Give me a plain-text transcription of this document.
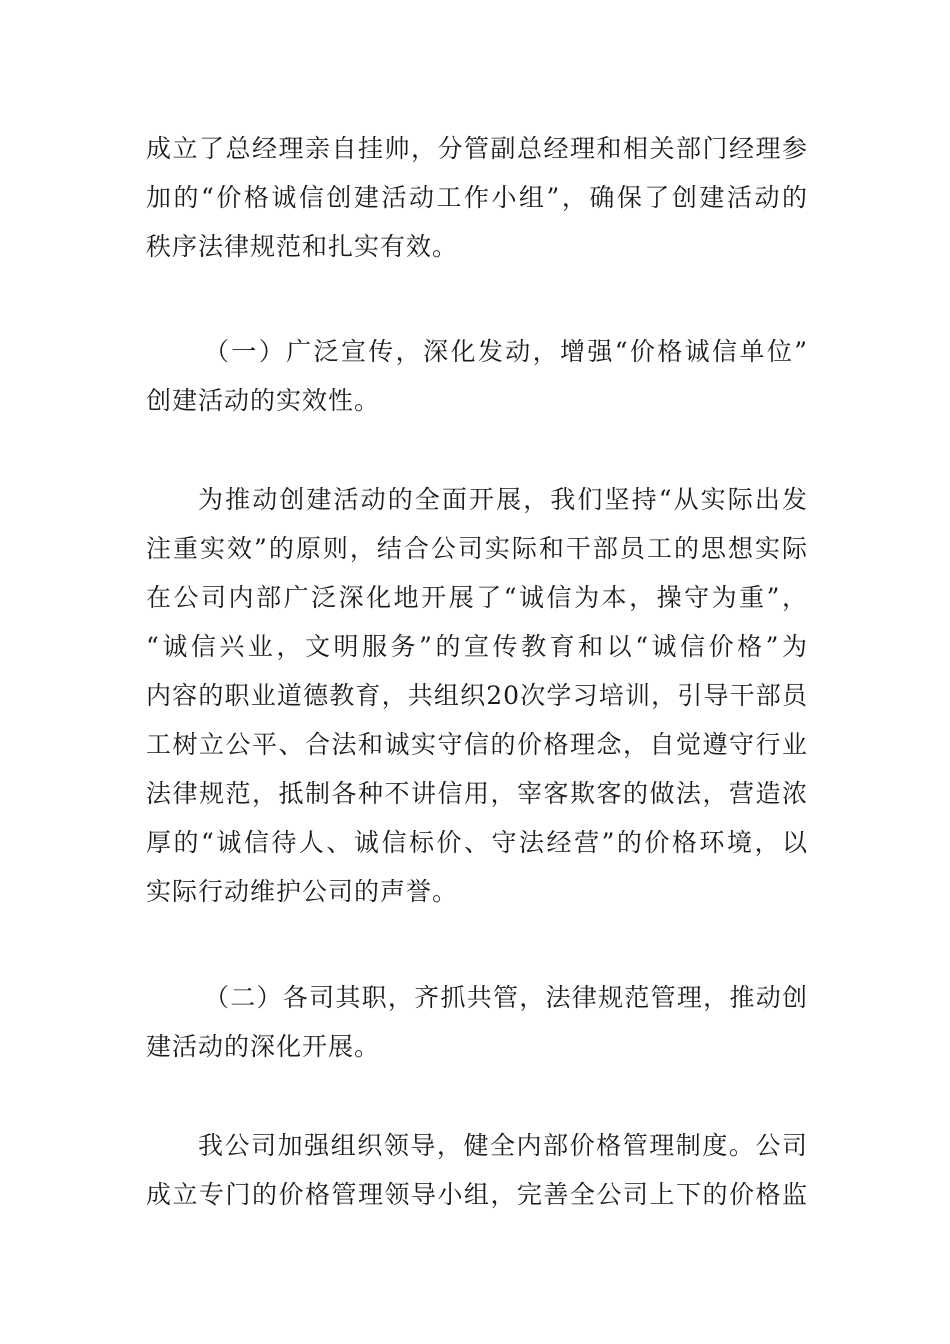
成立了总经理亲自挂帅，分管副总经理和相关部门经理参
加的“价格诚信创建活动工作小组”，确保了创建活动的
秩序法律规范和扎实有效。

（一）广泛宣传，深化发动，增强“价格诚信单位”
创建活动的实效性。

为推动创建活动的全面开展，我们坚持“从实际出发
注重实效”的原则，结合公司实际和干部员工的思想实际
在公司内部广泛深化地开展了“诚信为本，操守为重”，
“诚信兴业，文明服务”的宣传教育和以“诚信价格”为
内容的职业道德教育，共组织20次学习培训，引导干部员
工树立公平、合法和诚实守信的价格理念，自觉遵守行业
法律规范，抵制各种不讲信用，宰客欺客的做法，营造浓
厚的“诚信待人、诚信标价、守法经营”的价格环境，以
实际行动维护公司的声誉。

（二）各司其职，齐抓共管，法律规范管理，推动创
建活动的深化开展。

我公司加强组织领导，健全内部价格管理制度。公司
成立专门的价格管理领导小组，完善全公司上下的价格监
